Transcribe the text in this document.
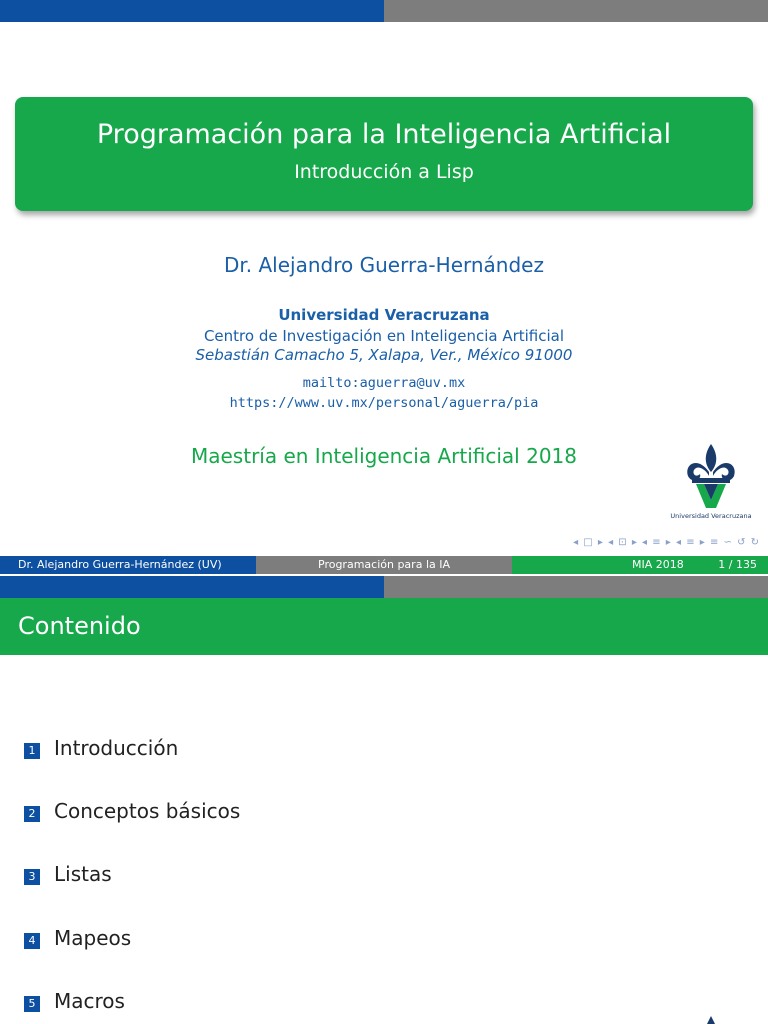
Programación para la Inteligencia Artificial
Introducción a Lisp
Dr. Alejandro Guerra-Hernández
Universidad Veracruzana
Centro de Investigación en Inteligencia Artificial
Sebastián Camacho 5, Xalapa, Ver., México 91000
mailto:aguerra@uv.mx
https://www.uv.mx/personal/aguerra/pia
Maestría en Inteligencia Artificial 2018
Universidad Veracruzana
◂ □ ▸ ◂ ⊡ ▸ ◂ ≡ ▸ ◂ ≡ ▸ ≡ ∽ ↺ ↻
Dr. Alejandro Guerra-Hernández (UV)	Programación para la IA	MIA 2018	1 / 135
Contenido
1 Introducción
2 Conceptos básicos
3 Listas
4 Mapeos
5 Macros
